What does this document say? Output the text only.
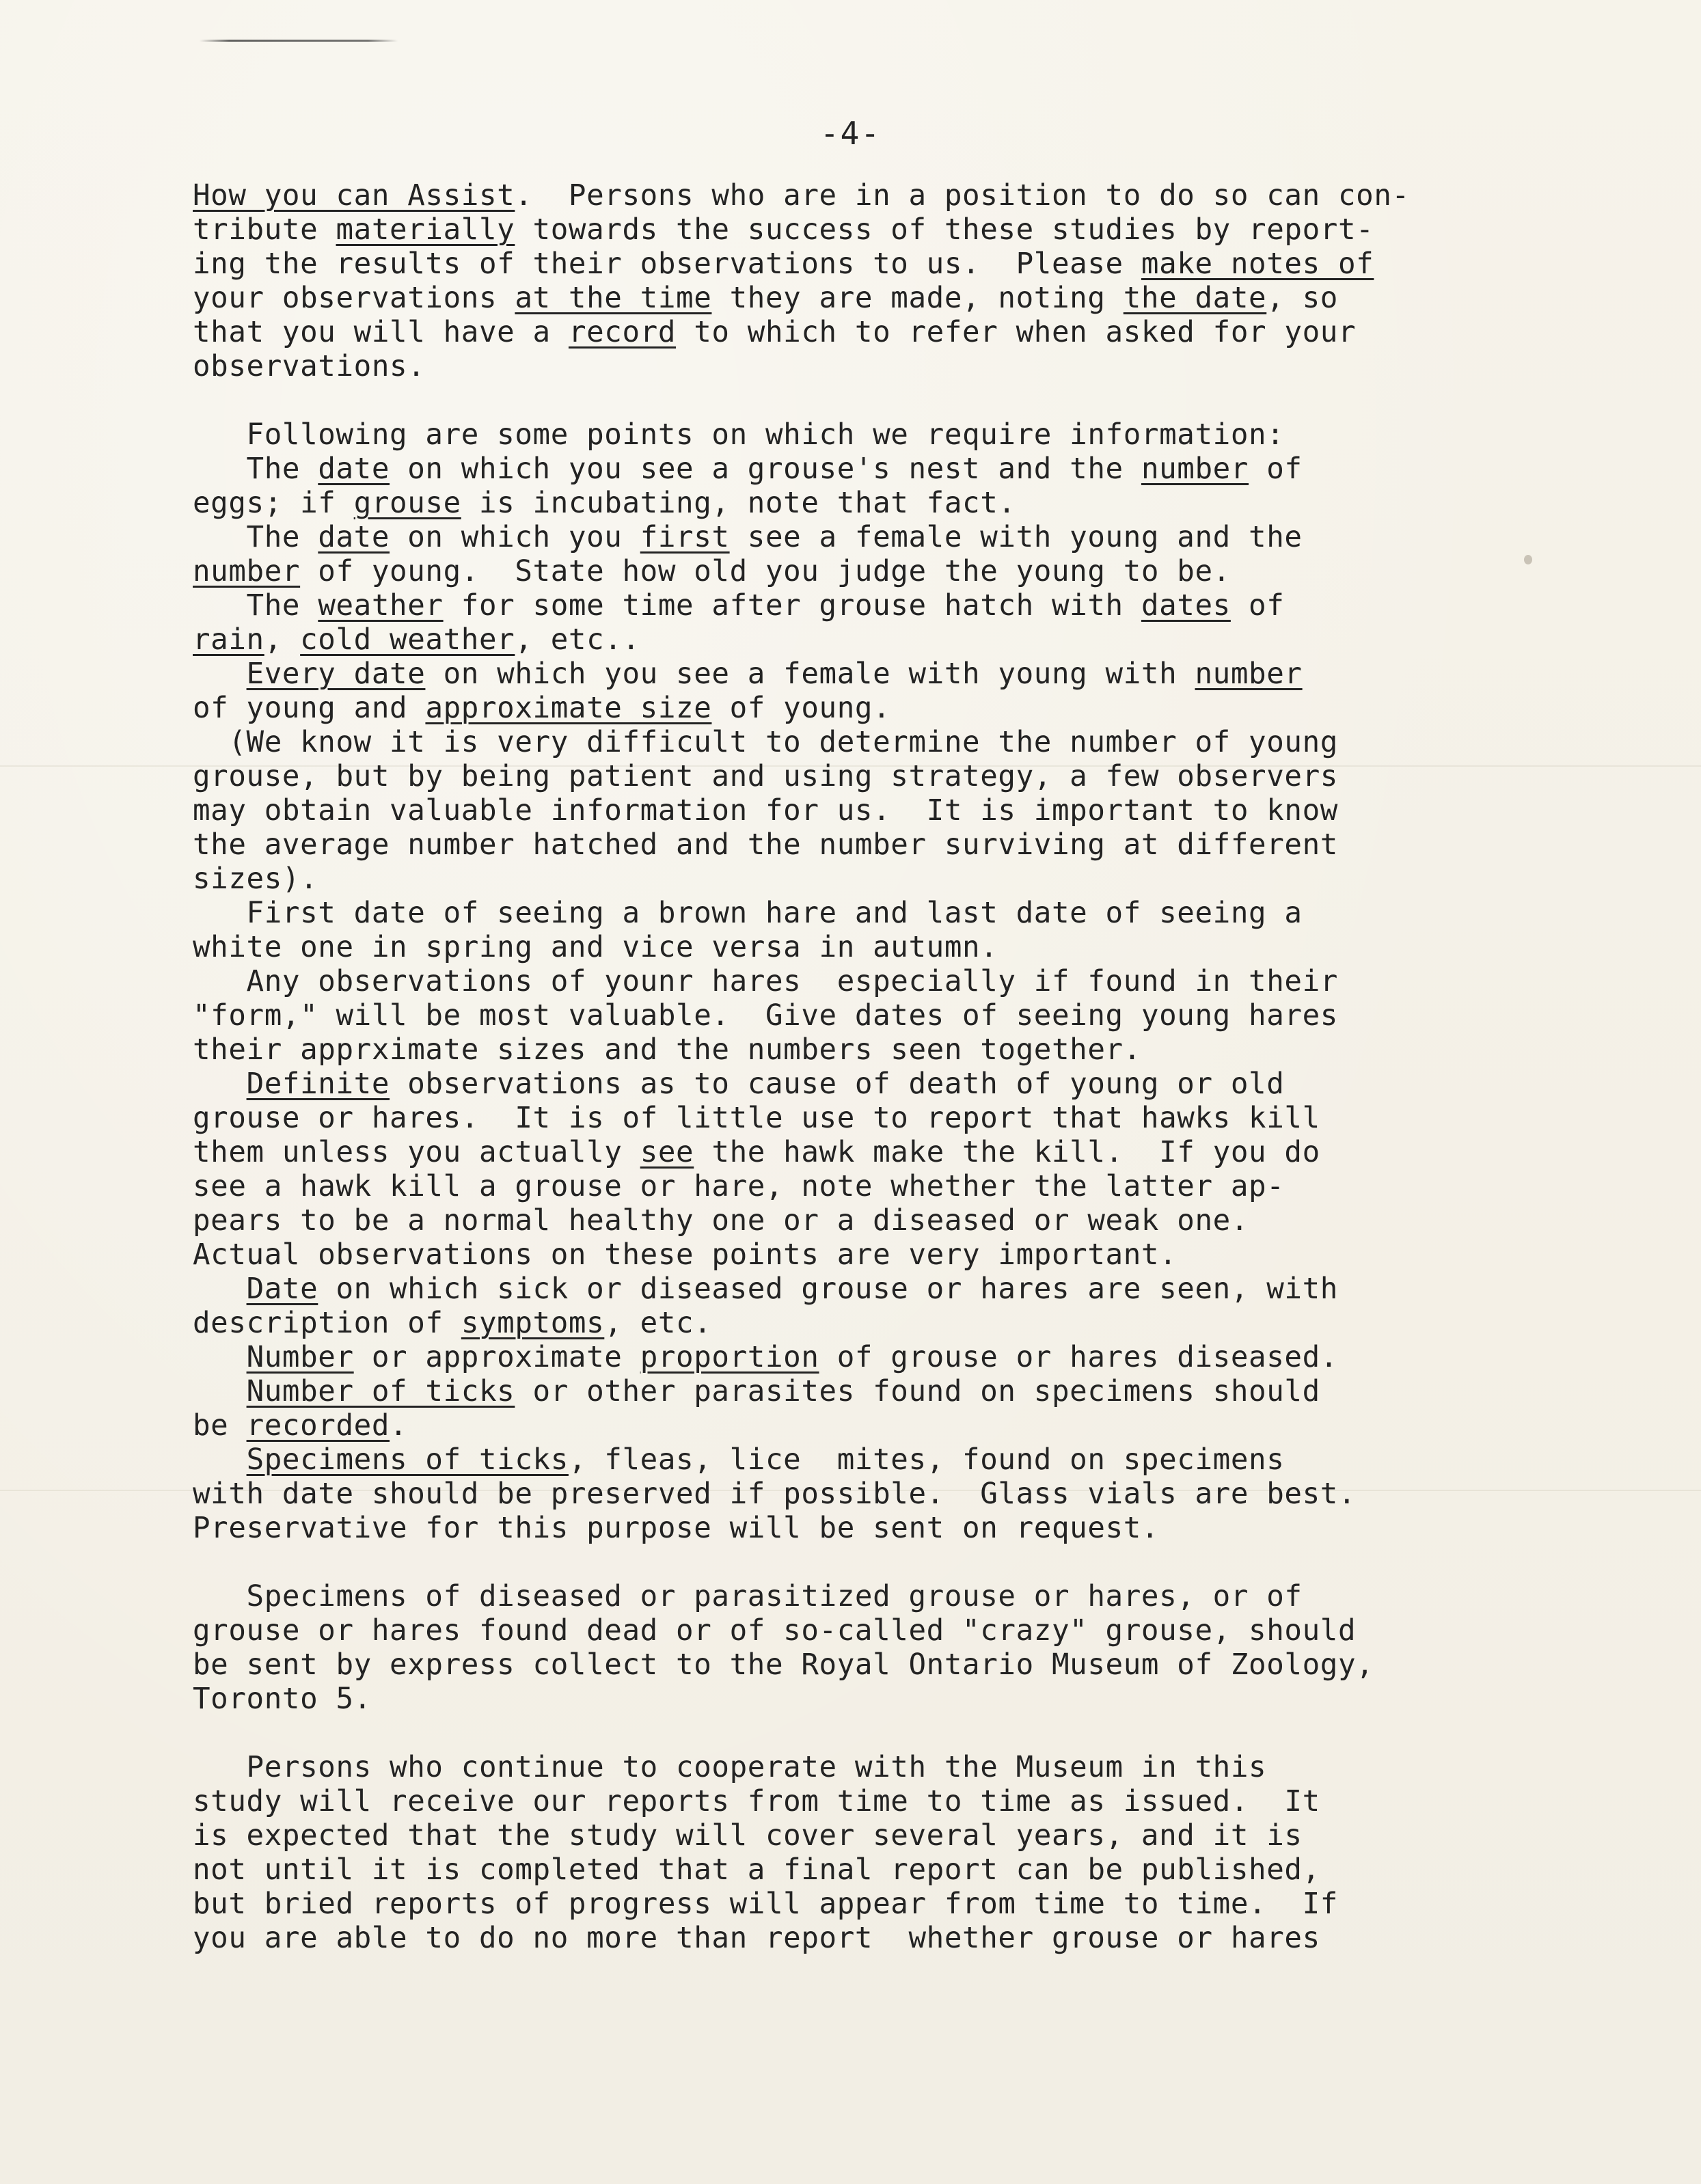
-4-
How you can Assist.  Persons who are in a position to do so can con-
tribute materially towards the success of these studies by report-
ing the results of their observations to us.  Please make notes of
your observations at the time they are made, noting the date, so
that you will have a record to which to refer when asked for your
observations.
Following are some points on which we require information:
The date on which you see a grouse's nest and the number of
eggs; if grouse is incubating, note that fact.
The date on which you first see a female with young and the
number of young.  State how old you judge the young to be.
The weather for some time after grouse hatch with dates of
rain, cold weather, etc..
Every date on which you see a female with young with number
of young and approximate size of young.
(We know it is very difficult to determine the number of young
grouse, but by being patient and using strategy, a few observers
may obtain valuable information for us.  It is important to know
the average number hatched and the number surviving at different
sizes).
First date of seeing a brown hare and last date of seeing a
white one in spring and vice versa in autumn.
Any observations of younr hares  especially if found in their
"form," will be most valuable.  Give dates of seeing young hares
their apprximate sizes and the numbers seen together.
Definite observations as to cause of death of young or old
grouse or hares.  It is of little use to report that hawks kill
them unless you actually see the hawk make the kill.  If you do
see a hawk kill a grouse or hare, note whether the latter ap-
pears to be a normal healthy one or a diseased or weak one.
Actual observations on these points are very important.
Date on which sick or diseased grouse or hares are seen, with
description of symptoms, etc.
Number or approximate proportion of grouse or hares diseased.
Number of ticks or other parasites found on specimens should
be recorded.
Specimens of ticks, fleas, lice  mites, found on specimens
with date should be preserved if possible.  Glass vials are best.
Preservative for this purpose will be sent on request.
Specimens of diseased or parasitized grouse or hares, or of
grouse or hares found dead or of so-called "crazy" grouse, should
be sent by express collect to the Royal Ontario Museum of Zoology,
Toronto 5.
Persons who continue to cooperate with the Museum in this
study will receive our reports from time to time as issued.  It
is expected that the study will cover several years, and it is
not until it is completed that a final report can be published,
but bried reports of progress will appear from time to time.  If
you are able to do no more than report  whether grouse or hares
